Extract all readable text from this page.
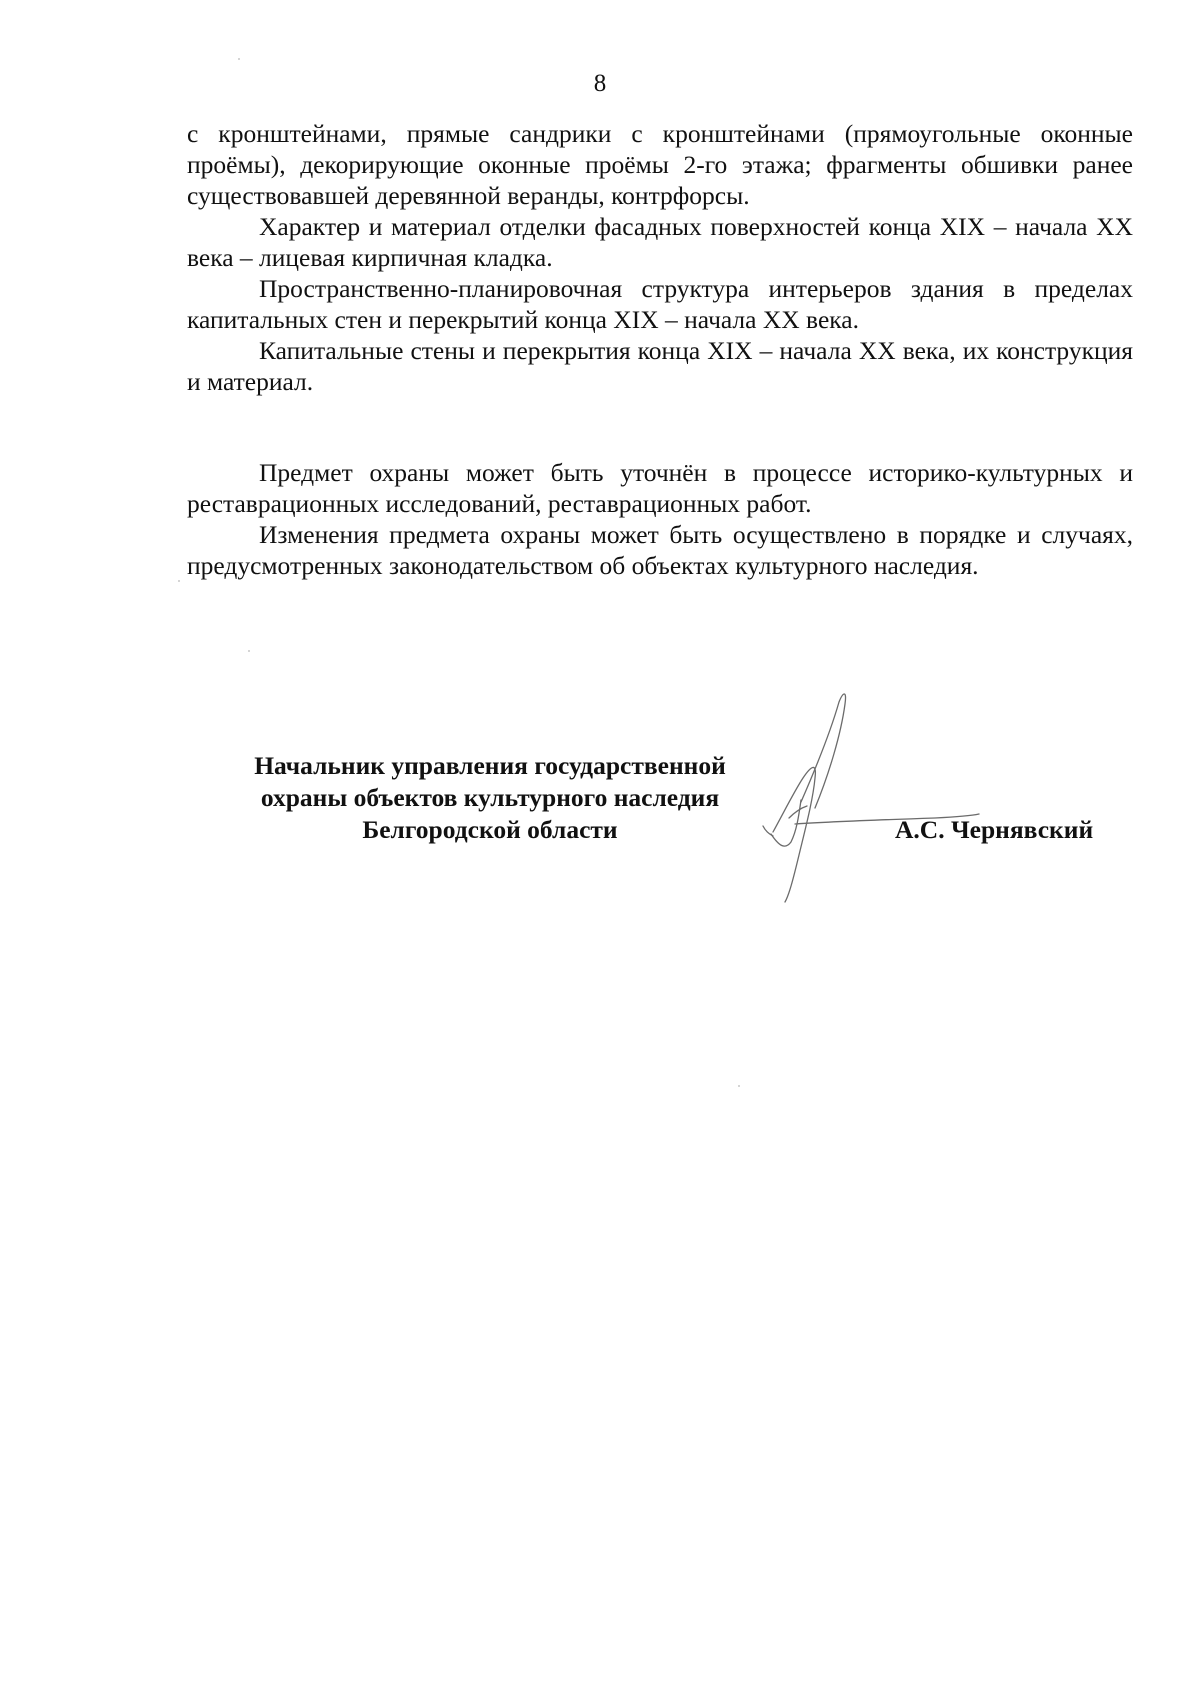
8

с кронштейнами, прямые сандрики с кронштейнами (прямоугольные оконные проёмы), декорирующие оконные проёмы 2-го этажа; фрагменты обшивки ранее существовавшей деревянной веранды, контрфорсы.

Характер и материал отделки фасадных поверхностей конца XIX – начала XX века – лицевая кирпичная кладка.

Пространственно-планировочная структура интерьеров здания в пределах капитальных стен и перекрытий конца XIX – начала XX века.

Капитальные стены и перекрытия конца XIX – начала XX века, их конструкция и материал.

Предмет охраны может быть уточнён в процессе историко-культурных и реставрационных исследований, реставрационных работ.

Изменения предмета охраны может быть осуществлено в порядке и случаях, предусмотренных законодательством об объектах культурного наследия.

Начальник управления государственной
охраны объектов культурного наследия
Белгородской области	А.С. Чернявский
